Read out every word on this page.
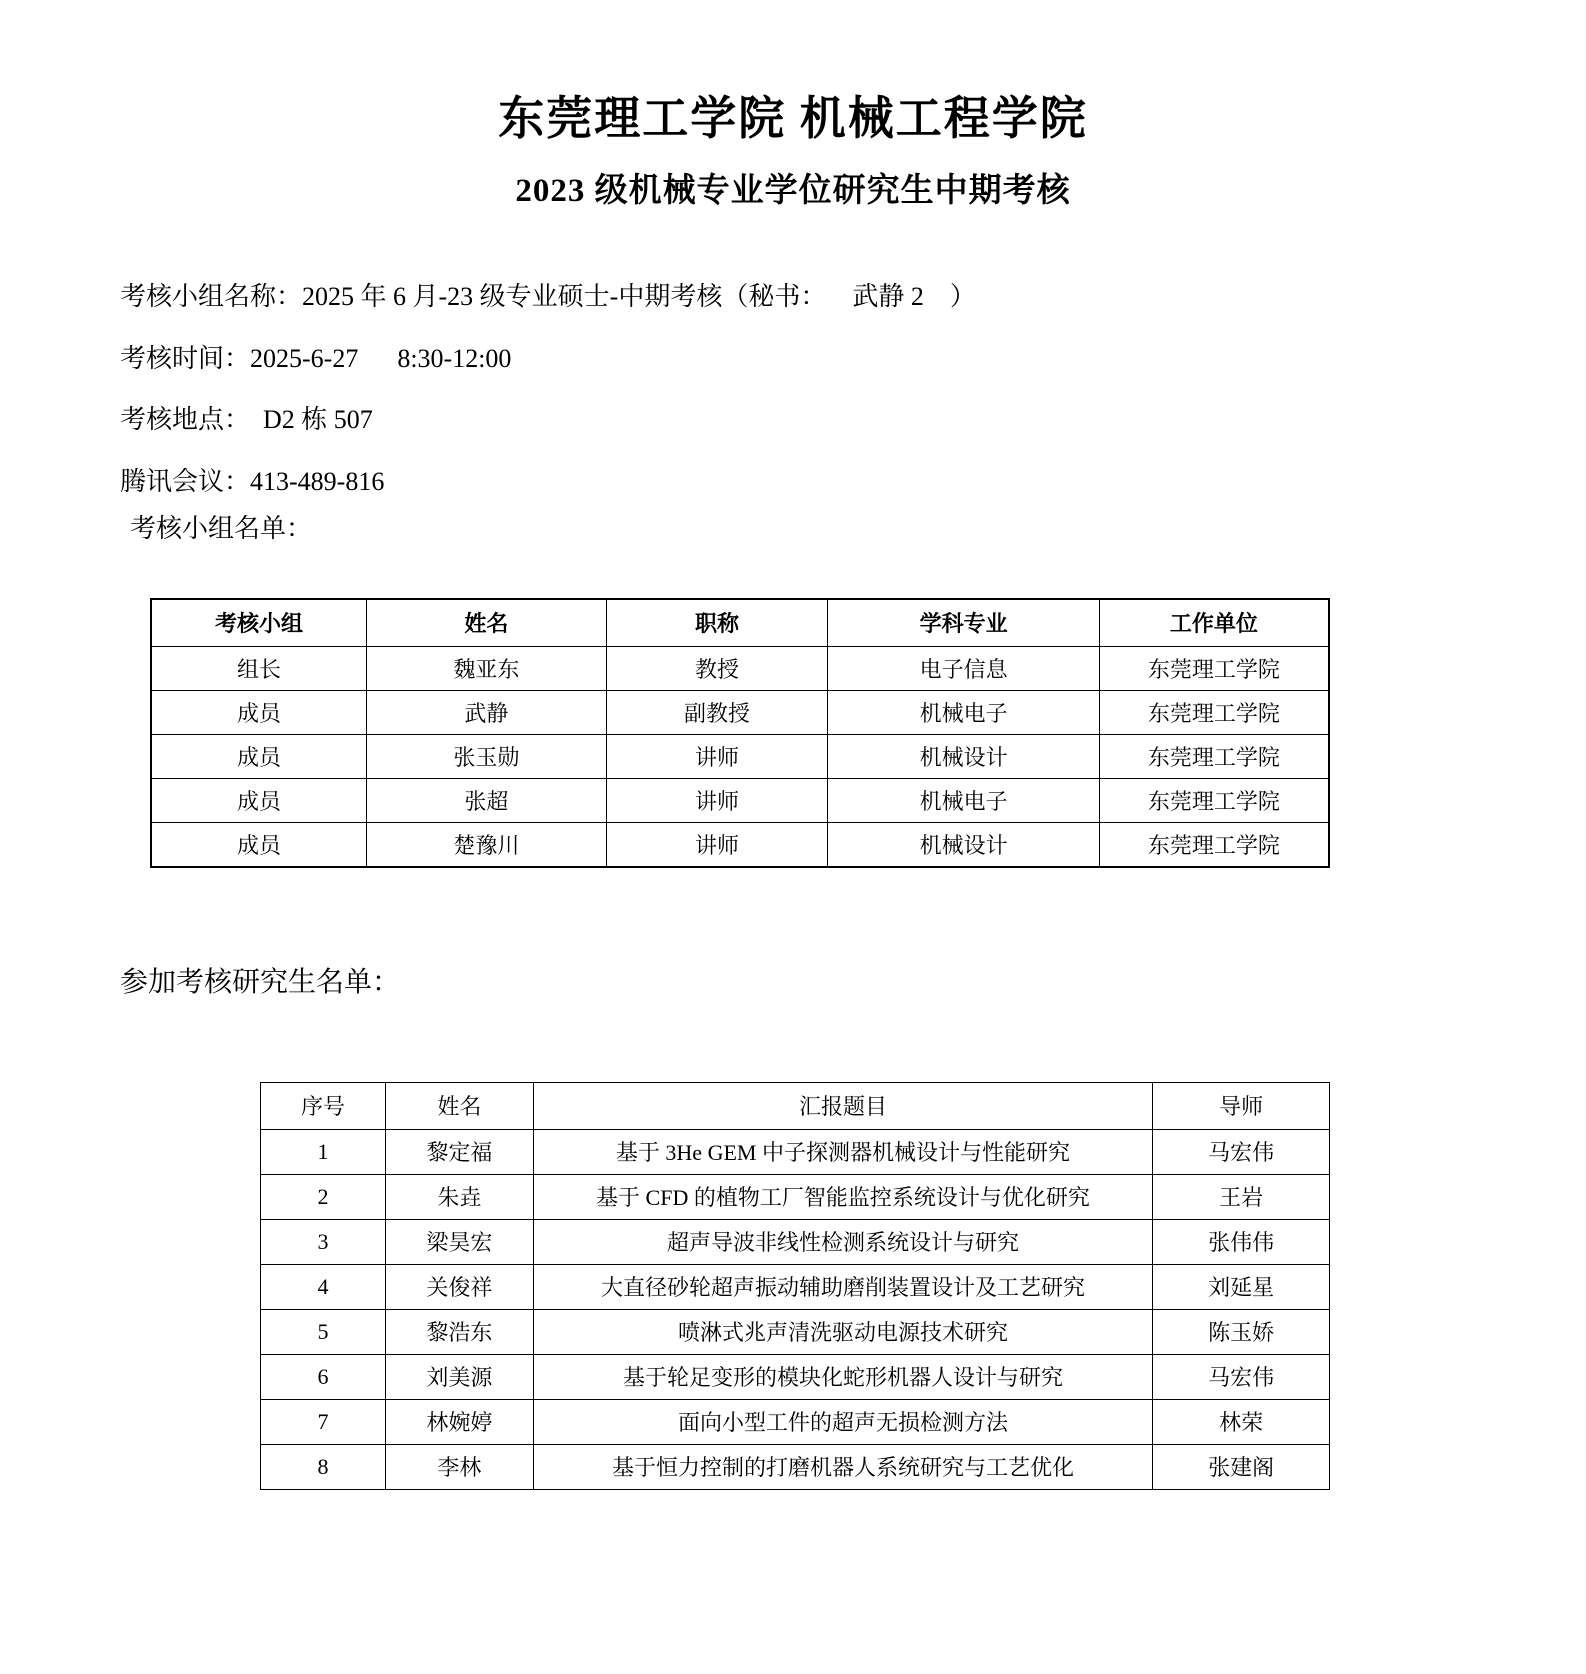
东莞理工学院 机械工程学院
2023 级机械专业学位研究生中期考核
考核小组名称：2025 年 6 月-23 级专业硕士-中期考核（秘书：    武静 2    ）
考核时间：2025-6-27      8:30-12:00
考核地点：  D2 栋 507
腾讯会议：413-489-816
考核小组名单：
考核小组	姓名	职称	学科专业	工作单位
组长	魏亚东	教授	电子信息	东莞理工学院
成员	武静	副教授	机械电子	东莞理工学院
成员	张玉勋	讲师	机械设计	东莞理工学院
成员	张超	讲师	机械电子	东莞理工学院
成员	楚豫川	讲师	机械设计	东莞理工学院
参加考核研究生名单：
序号	姓名	汇报题目	导师
1	黎定福	基于 3He GEM 中子探测器机械设计与性能研究	马宏伟
2	朱垚	基于 CFD 的植物工厂智能监控系统设计与优化研究	王岩
3	梁昊宏	超声导波非线性检测系统设计与研究	张伟伟
4	关俊祥	大直径砂轮超声振动辅助磨削装置设计及工艺研究	刘延星
5	黎浩东	喷淋式兆声清洗驱动电源技术研究	陈玉娇
6	刘美源	基于轮足变形的模块化蛇形机器人设计与研究	马宏伟
7	林婉婷	面向小型工件的超声无损检测方法	林荣
8	李林	基于恒力控制的打磨机器人系统研究与工艺优化	张建阁
